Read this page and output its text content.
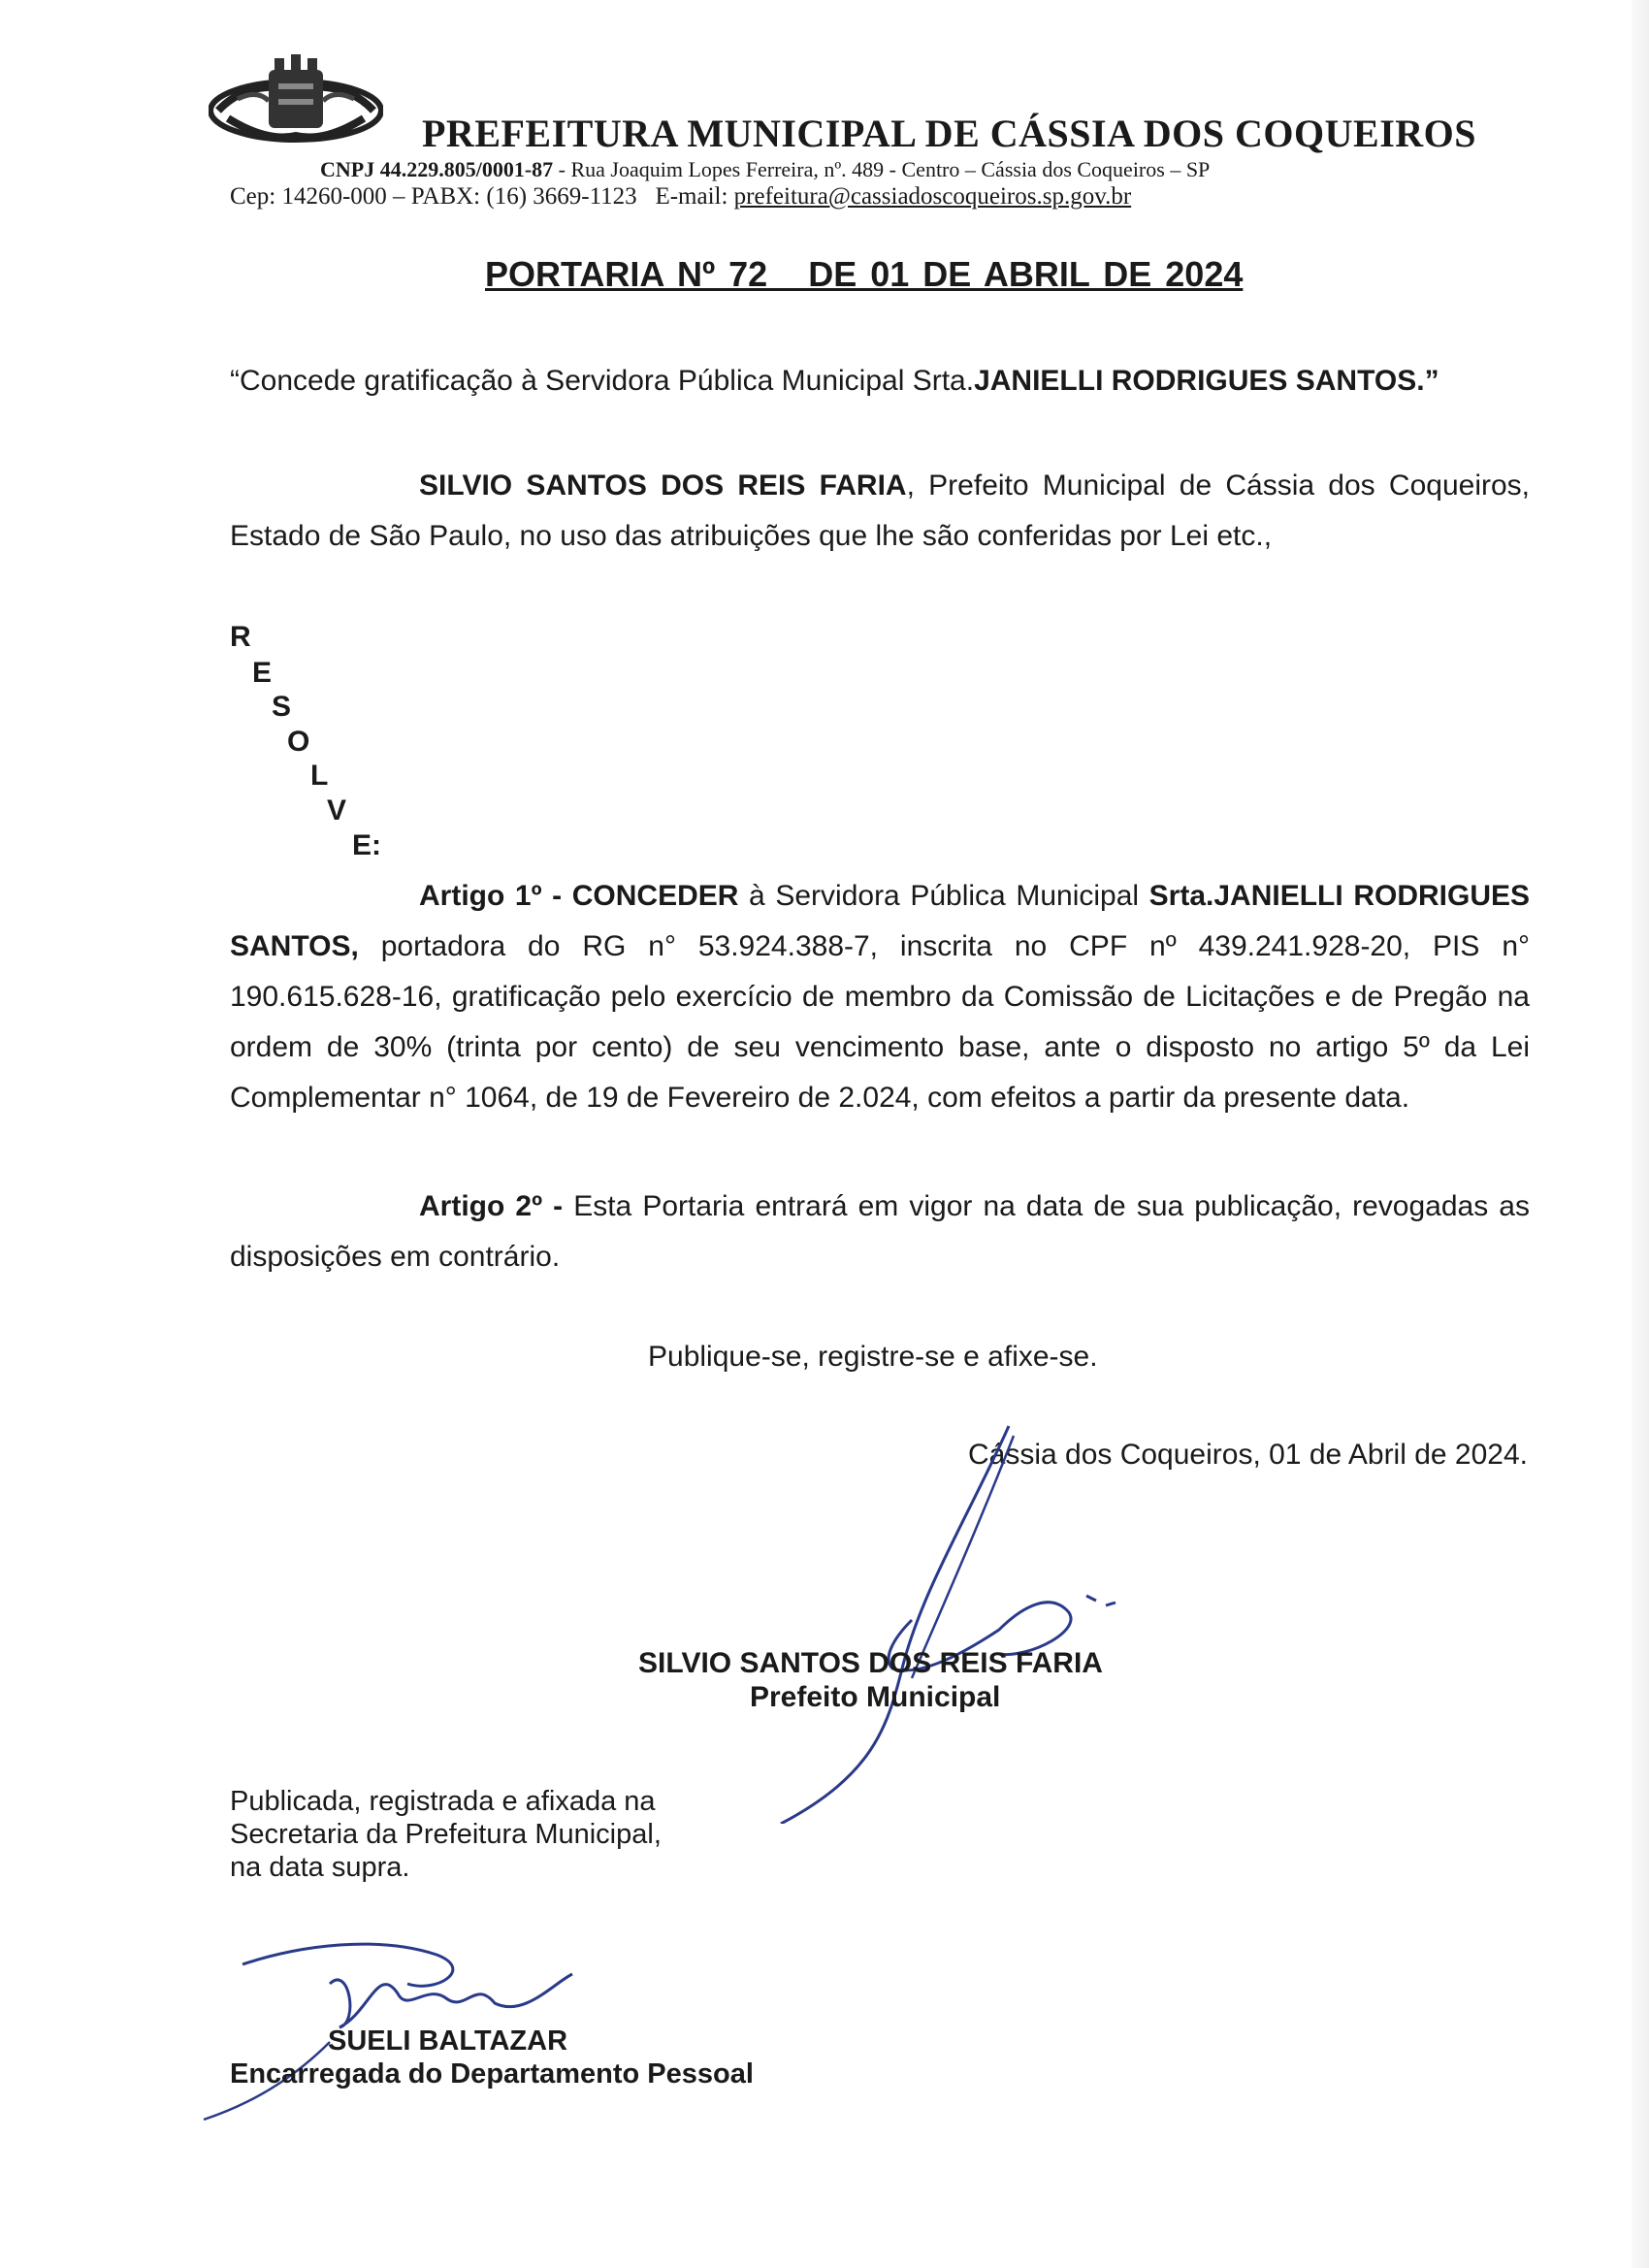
PREFEITURA MUNICIPAL DE CÁSSIA DOS COQUEIROS
CNPJ 44.229.805/0001-87 - Rua Joaquim Lopes Ferreira, nº. 489 - Centro – Cássia dos Coqueiros – SP
Cep: 14260-000 – PABX: (16) 3669-1123 E-mail: prefeitura@cassiadoscoqueiros.sp.gov.br
PORTARIA Nº 72   DE 01 DE ABRIL DE 2024
“Concede gratificação à Servidora Pública Municipal Srta.JANIELLI RODRIGUES SANTOS.”
SILVIO SANTOS DOS REIS FARIA, Prefeito Municipal de Cássia dos Coqueiros, Estado de São Paulo, no uso das atribuições que lhe são conferidas por Lei etc.,
R
E
S
O
L
V
E:
Artigo 1º - CONCEDER à Servidora Pública Municipal Srta.JANIELLI RODRIGUES SANTOS, portadora do RG n° 53.924.388-7, inscrita no CPF nº 439.241.928-20, PIS n° 190.615.628-16, gratificação pelo exercício de membro da Comissão de Licitações e de Pregão na ordem de 30% (trinta por cento) de seu vencimento base, ante o disposto no artigo 5º da Lei Complementar n° 1064, de 19 de Fevereiro de 2.024, com efeitos a partir da presente data.
Artigo 2º - Esta Portaria entrará em vigor na data de sua publicação, revogadas as disposições em contrário.
Publique-se, registre-se e afixe-se.
Cássia dos Coqueiros, 01 de Abril de 2024.
SILVIO SANTOS DOS REIS FARIA
Prefeito Municipal
Publicada, registrada e afixada na
Secretaria da Prefeitura Municipal,
na data supra.
SUELI BALTAZAR
Encarregada do Departamento Pessoal
